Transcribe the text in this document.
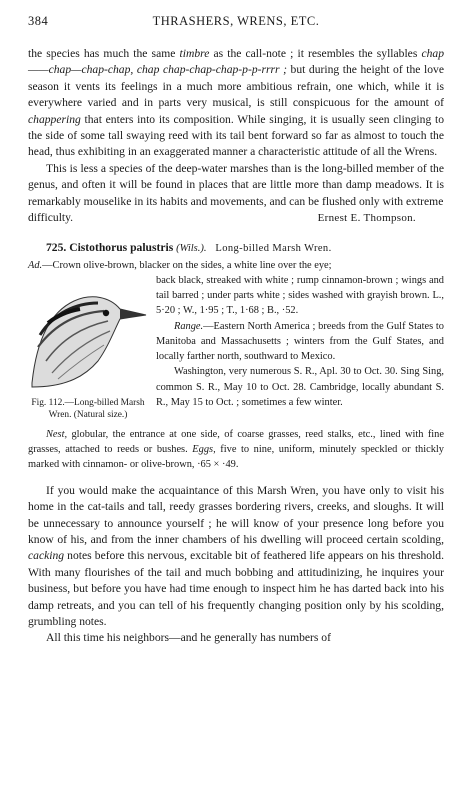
384	THRASHERS, WRENS, ETC.

the species has much the same timbre as the call-note ; it resembles the syllables chap——chap—chap-chap, chap chap-chap-chap-p-p-rrrr ; but during the height of the love season it vents its feelings in a much more ambitious refrain, one which, while it is everywhere varied and in parts very musical, is still conspicuous for the amount of chappering that enters into its composition. While singing, it is usually seen clinging to the side of some tall swaying reed with its tail bent forward so far as almost to touch the head, thus exhibiting in an exaggerated manner a characteristic attitude of all the Wrens.

This is less a species of the deep-water marshes than is the long-billed member of the genus, and often it will be found in places that are little more than damp meadows. It is remarkably mouselike in its habits and movements, and can be flushed only with extreme

difficulty.	Ernest E. Thompson.

725. Cistothorus palustris (Wils.). Long-billed Marsh Wren.

Ad.—Crown olive-brown, blacker on the sides, a white line over the eye;

Fig. 112.—Long-billed Marsh Wren. (Natural size.)

back black, streaked with white ; rump cinnamon-brown ; wings and tail barred ; under parts white ; sides washed with grayish brown. L., 5·20 ; W., 1·95 ; T., 1·68 ; B., ·52.

Range.—Eastern North America ; breeds from the Gulf States to Manitoba and Massachusetts ; winters from the Gulf States, and locally farther north, southward to Mexico.

Washington, very numerous S. R., Apl. 30 to Oct. 30. Sing Sing, common S. R., May 10 to Oct. 28. Cambridge, locally abundant S. R., May 15 to Oct. ; sometimes a few winter.

Nest, globular, the entrance at one side, of coarse grasses, reed stalks, etc., lined with fine grasses, attached to reeds or bushes. Eggs, five to nine, uniform, minutely speckled or thickly marked with cinnamon- or olive-brown, ·65 × ·49.

If you would make the acquaintance of this Marsh Wren, you have only to visit his home in the cat-tails and tall, reedy grasses bordering rivers, creeks, and sloughs. It will be unnecessary to announce yourself ; he will know of your presence long before you know of his, and from the inner chambers of his dwelling will proceed certain scolding, cacking notes before this nervous, excitable bit of feathered life appears on his threshold. With many flourishes of the tail and much bobbing and attitudinizing, he inquires your business, but before you have had time enough to inspect him he has darted back into his damp retreats, and you can tell of his frequently changing position only by his scolding, grumbling notes.

All this time his neighbors—and he generally has numbers of
